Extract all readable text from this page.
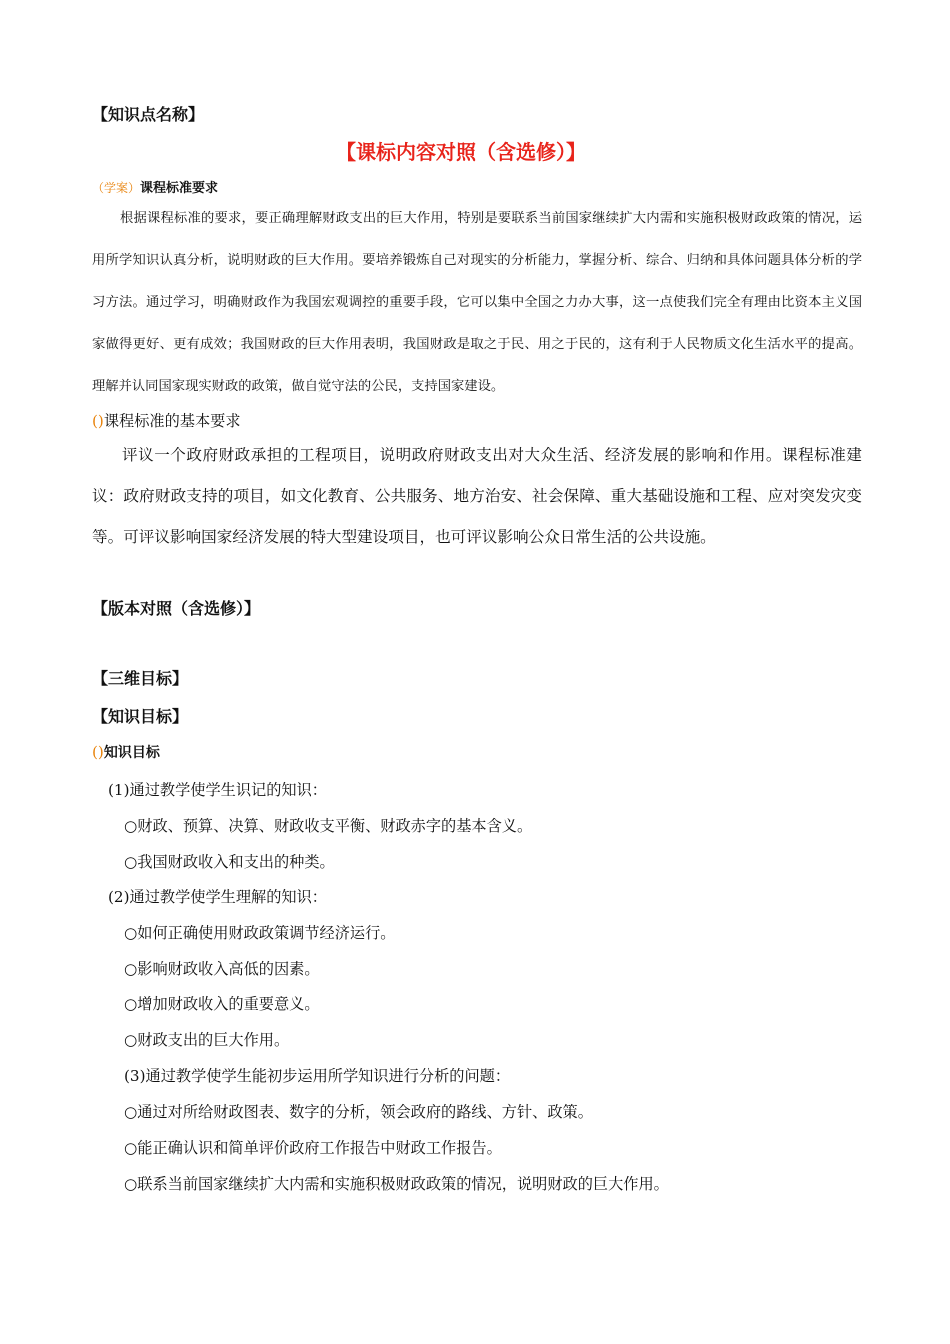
【知识点名称】
【课标内容对照（含选修）】
（学案）课程标准要求
根据课程标准的要求，要正确理解财政支出的巨大作用，特别是要联系当前国家继续扩大内需和实施积极财政政策的情况，运用所学知识认真分析，说明财政的巨大作用。要培养锻炼自己对现实的分析能力，掌握分析、综合、归纳和具体问题具体分析的学习方法。通过学习，明确财政作为我国宏观调控的重要手段，它可以集中全国之力办大事，这一点使我们完全有理由比资本主义国家做得更好、更有成效；我国财政的巨大作用表明，我国财政是取之于民、用之于民的，这有利于人民物质文化生活水平的提高。理解并认同国家现实财政的政策，做自觉守法的公民，支持国家建设。
()课程标准的基本要求
评议一个政府财政承担的工程项目，说明政府财政支出对大众生活、经济发展的影响和作用。课程标准建议：政府财政支持的项目，如文化教育、公共服务、地方治安、社会保障、重大基础设施和工程、应对突发灾变等。可评议影响国家经济发展的特大型建设项目，也可评议影响公众日常生活的公共设施。
【版本对照（含选修）】
【三维目标】
【知识目标】
()知识目标
(1)通过教学使学生识记的知识：
○财政、预算、决算、财政收支平衡、财政赤字的基本含义。
○我国财政收入和支出的种类。
(2)通过教学使学生理解的知识：
○如何正确使用财政政策调节经济运行。
○影响财政收入高低的因素。
○增加财政收入的重要意义。
○财政支出的巨大作用。
(3)通过教学使学生能初步运用所学知识进行分析的问题：
○通过对所给财政图表、数字的分析，领会政府的路线、方针、政策。
○能正确认识和简单评价政府工作报告中财政工作报告。
○联系当前国家继续扩大内需和实施积极财政政策的情况，说明财政的巨大作用。
